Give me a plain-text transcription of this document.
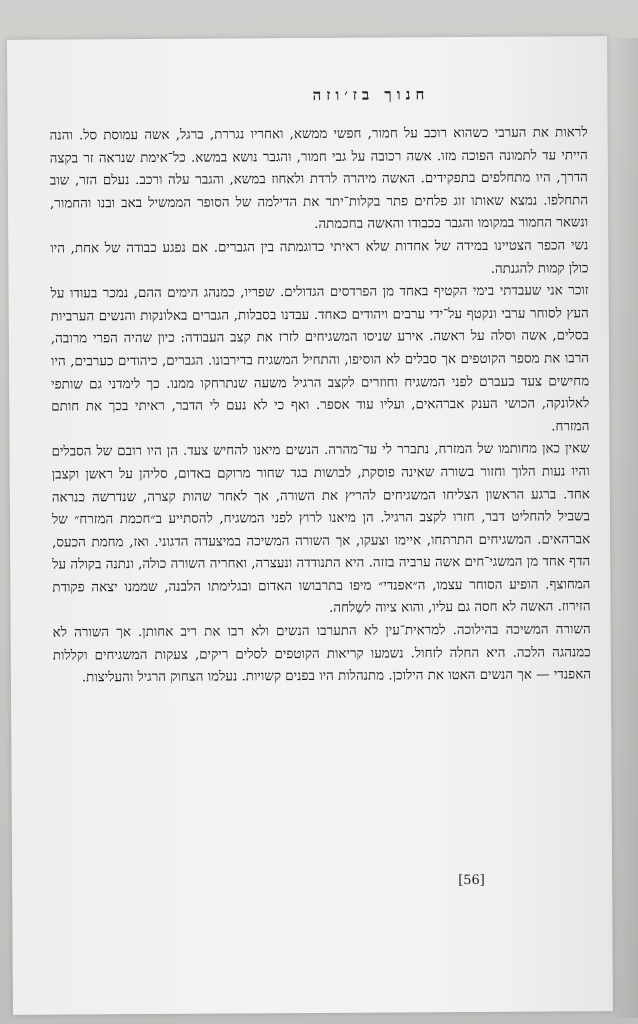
חנוך בז׳וזה

לראות את הערבי כשהוא רוכב על חמור, חפשי ממשא, ואחריו נגררת, ברגל, אשה עמוסת סל. והנה הייתי עד לתמונה הפוכה מזו. אשה רכובה על גבי חמור, והגבר נושא במשא. כל־אימת שנראה זר בקצה הדרך, היו מתחלפים בתפקידים. האשה מיהרה לרדת ולאחוז במשא, והגבר עלה ורכב. נעלם הזר, שוב התחלפו. נמצא שאותו זוג פלחים פתר בקלות־יתר את הדילמה של הסופר הממשיל באב ובנו והחמור, ונשאר החמור במקומו והגבר בכבודו והאשה בחכמתה.

נשי הכפר הצטיינו במידה של אחדות שלא ראיתי כדוגמתה בין הגברים. אם נפגע כבודה של אחת, היו כולן קמות להגנתה.

זוכר אני שעבדתי בימי הקטיף באחד מן הפרדסים הגדולים. שפריו, כמנהג הימים ההם, נמכר בעודו על העץ לסוחר ערבי ונקטף על־ידי ערבים ויהודים כאחד. עבדנו בסבלות, הגברים באלונקות והנשים הערביות בסלים, אשה וסלה על ראשה. אירע שניסו המשגיחים לזרז את קצב העבודה: כיון שהיה הפרי מרובה, הרבו את מספר הקוטפים אך סבלים לא הוסיפו, והתחיל המשגיח בדירבונו. הגברים, כיהודים כערבים, היו מחישים צעד בעברם לפני המשגיח וחוזרים לקצב הרגיל משעה שנתרחקו ממנו. כך לימדני גם שותפי לאלונקה, הכושי הענק אברהאים, ועליו עוד אספר. ואף כי לא נעם לי הדבר, ראיתי בכך את חותם המזרח.

שאין כאן מחותמו של המזרח, נתברר לי עד־מהרה. הנשים מיאנו להחיש צעד. הן היו רובם של הסבלים והיו נעות הלוך וחזור בשורה שאינה פוסקת, לבושות בגד שחור מרוקם באדום, סליהן על ראשן וקצבן אחד. ברגע הראשון הצליחו המשגיחים להריץ את השורה, אך לאחר שהות קצרה, שנדרשה כנראה בשביל להחליט דבר, חזרו לקצב הרגיל. הן מיאנו לרוץ לפני המשגיח, להסתייע ב״חכמת המזרח״ של אברהאים. המשגיחים התרתחו, איימו וצעקו, אך השורה המשיכה במיצעדה הדגוני. ואז, מחמת הכעס, הדף אחד מן המשגי־חים אשה ערביה בזזה. היא התנודדה ונעצרה, ואחריה השורה כולה, ונתנה בקולה על המחוצף. הופיע הסוחר עצמו, ה״אפנדי״ מיפו בתרבושו האדום ובגלימתו הלבנה, שממנו יצאה פקודת הזירוז. האשה לא חסה גם עליו, והוא ציוה לשַלחה.

השורה המשיכה בהילוכה. למראית־עין לא התערבו הנשים ולא רבו את ריב אחותן. אך השורה לא כמנהגה הלכה. היא החלה לזחול. נשמעו קריאות הקוטפים לסלים ריקים, צעקות המשגיחים וקללות האפנדי — אך הנשים האטו את הילוכן. מתנהלות היו בפנים קשויות. נעלמו הצחוק הרגיל והעליצות.

[56]
